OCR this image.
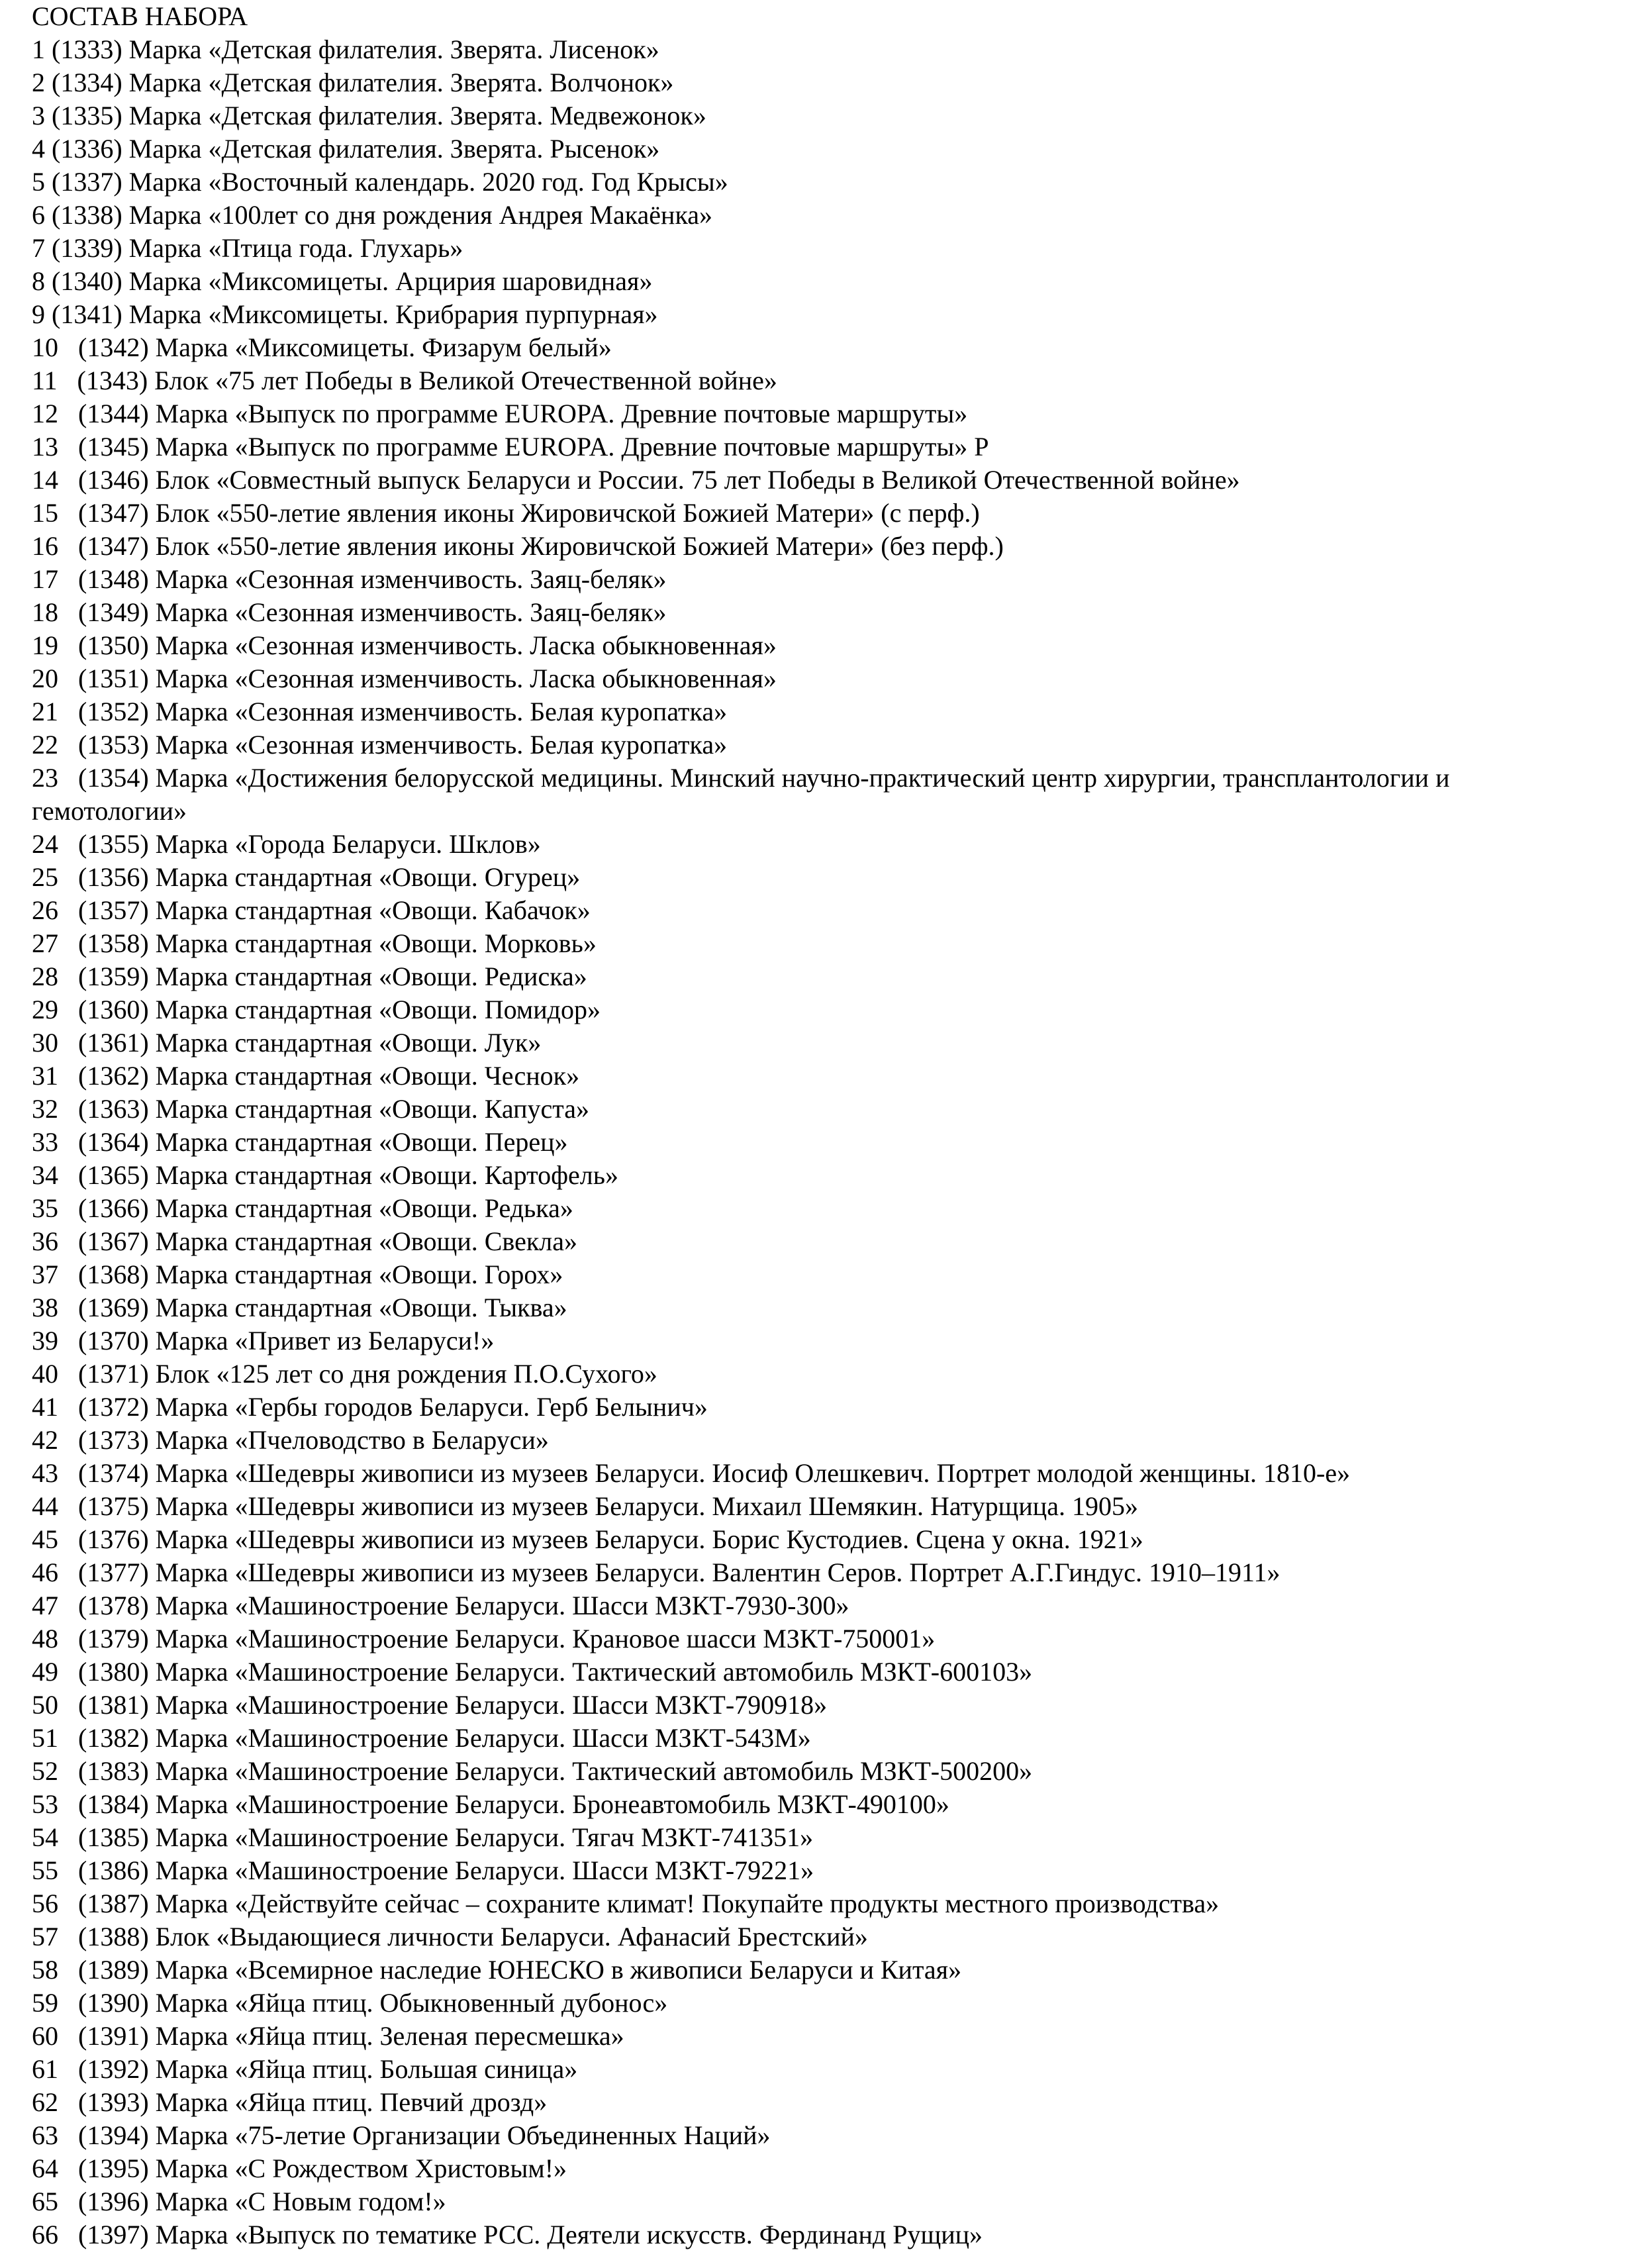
СОСТАВ НАБОРА
1 (1333) Марка «Детская филателия. Зверята. Лисенок»
2 (1334) Марка «Детская филателия. Зверята. Волчонок»
3 (1335) Марка «Детская филателия. Зверята. Медвежонок»
4 (1336) Марка «Детская филателия. Зверята. Рысенок»
5 (1337) Марка «Восточный календарь. 2020 год. Год Крысы»
6 (1338) Марка «100лет со дня рождения Андрея Макаёнка»
7 (1339) Марка «Птица года. Глухарь»
8 (1340) Марка «Миксомицеты. Арцирия шаровидная»
9 (1341) Марка «Миксомицеты. Крибрария пурпурная»
10   (1342) Марка «Миксомицеты. Физарум белый»
11   (1343) Блок «75 лет Победы в Великой Отечественной войне»
12   (1344) Марка «Выпуск по программе EUROPA. Древние почтовые маршруты»
13   (1345) Марка «Выпуск по программе EUROPA. Древние почтовые маршруты» Р
14   (1346) Блок «Совместный выпуск Беларуси и России. 75 лет Победы в Великой Отечественной войне»
15   (1347) Блок «550-летие явления иконы Жировичской Божией Матери» (с перф.)
16   (1347) Блок «550-летие явления иконы Жировичской Божией Матери» (без перф.)
17   (1348) Марка «Сезонная изменчивость. Заяц-беляк»
18   (1349) Марка «Сезонная изменчивость. Заяц-беляк»
19   (1350) Марка «Сезонная изменчивость. Ласка обыкновенная»
20   (1351) Марка «Сезонная изменчивость. Ласка обыкновенная»
21   (1352) Марка «Сезонная изменчивость. Белая куропатка»
22   (1353) Марка «Сезонная изменчивость. Белая куропатка»
23   (1354) Марка «Достижения белорусской медицины. Минский научно-практический центр хирургии, трансплантологии и гемотологии»
24   (1355) Марка «Города Беларуси. Шклов»
25   (1356) Марка стандартная «Овощи. Огурец»
26   (1357) Марка стандартная «Овощи. Кабачок»
27   (1358) Марка стандартная «Овощи. Морковь»
28   (1359) Марка стандартная «Овощи. Редиска»
29   (1360) Марка стандартная «Овощи. Помидор»
30   (1361) Марка стандартная «Овощи. Лук»
31   (1362) Марка стандартная «Овощи. Чеснок»
32   (1363) Марка стандартная «Овощи. Капуста»
33   (1364) Марка стандартная «Овощи. Перец»
34   (1365) Марка стандартная «Овощи. Картофель»
35   (1366) Марка стандартная «Овощи. Редька»
36   (1367) Марка стандартная «Овощи. Свекла»
37   (1368) Марка стандартная «Овощи. Горох»
38   (1369) Марка стандартная «Овощи. Тыква»
39   (1370) Марка «Привет из Беларуси!»
40   (1371) Блок «125 лет со дня рождения П.О.Сухого»
41   (1372) Марка «Гербы городов Беларуси. Герб Белынич»
42   (1373) Марка «Пчеловодство в Беларуси»
43   (1374) Марка «Шедевры живописи из музеев Беларуси. Иосиф Олешкевич. Портрет молодой женщины. 1810-е»
44   (1375) Марка «Шедевры живописи из музеев Беларуси. Михаил Шемякин. Натурщица. 1905»
45   (1376) Марка «Шедевры живописи из музеев Беларуси. Борис Кустодиев. Сцена у окна. 1921»
46   (1377) Марка «Шедевры живописи из музеев Беларуси. Валентин Серов. Портрет А.Г.Гиндус. 1910–1911»
47   (1378) Марка «Машиностроение Беларуси. Шасси МЗКТ-7930-300»
48   (1379) Марка «Машиностроение Беларуси. Крановое шасси МЗКТ-750001»
49   (1380) Марка «Машиностроение Беларуси. Тактический автомобиль МЗКТ-600103»
50   (1381) Марка «Машиностроение Беларуси. Шасси МЗКТ-790918»
51   (1382) Марка «Машиностроение Беларуси. Шасси МЗКТ-543М»
52   (1383) Марка «Машиностроение Беларуси. Тактический автомобиль МЗКТ-500200»
53   (1384) Марка «Машиностроение Беларуси. Бронеавтомобиль МЗКТ-490100»
54   (1385) Марка «Машиностроение Беларуси. Тягач МЗКТ-741351»
55   (1386) Марка «Машиностроение Беларуси. Шасси МЗКТ-79221»
56   (1387) Марка «Действуйте сейчас – сохраните климат! Покупайте продукты местного производства»
57   (1388) Блок «Выдающиеся личности Беларуси. Афанасий Брестский»
58   (1389) Марка «Всемирное наследие ЮНЕСКО в живописи Беларуси и Китая»
59   (1390) Марка «Яйца птиц. Обыкновенный дубонос»
60   (1391) Марка «Яйца птиц. Зеленая пересмешка»
61   (1392) Марка «Яйца птиц. Большая синица»
62   (1393) Марка «Яйца птиц. Певчий дрозд»
63   (1394) Марка «75-летие Организации Объединенных Наций»
64   (1395) Марка «С Рождеством Христовым!»
65   (1396) Марка «С Новым годом!»
66   (1397) Марка «Выпуск по тематике РСС. Деятели искусств. Фердинанд Рущиц»
